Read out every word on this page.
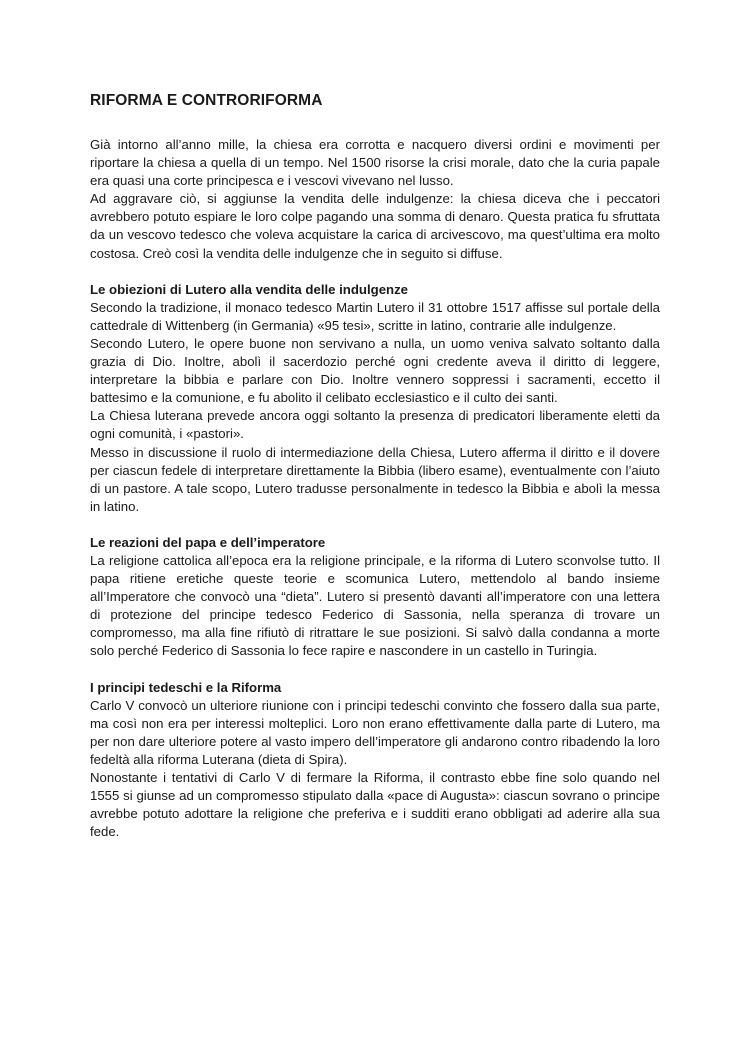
RIFORMA E CONTRORIFORMA

Già intorno all’anno mille, la chiesa era corrotta e nacquero diversi ordini e movimenti per riportare la chiesa a quella di un tempo. Nel 1500 risorse la crisi morale, dato che la curia papale era quasi una corte principesca e i vescovi vivevano nel lusso.

Ad aggravare ciò, si aggiunse la vendita delle indulgenze: la chiesa diceva che i peccatori avrebbero potuto espiare le loro colpe pagando una somma di denaro. Questa pratica fu sfruttata da un vescovo tedesco che voleva acquistare la carica di arcivescovo, ma quest’ultima era molto costosa. Creò così la vendita delle indulgenze che in seguito si diffuse.

Le obiezioni di Lutero alla vendita delle indulgenze

Secondo la tradizione, il monaco tedesco Martin Lutero il 31 ottobre 1517 affisse sul portale della cattedrale di Wittenberg (in Germania) «95 tesi», scritte in latino, contrarie alle indulgenze.

Secondo Lutero, le opere buone non servivano a nulla, un uomo veniva salvato soltanto dalla grazia di Dio. Inoltre, abolì il sacerdozio perché ogni credente aveva il diritto di leggere, interpretare la bibbia e parlare con Dio. Inoltre vennero soppressi i sacramenti, eccetto il battesimo e la comunione, e fu abolito il celibato ecclesiastico e il culto dei santi.

La Chiesa luterana prevede ancora oggi soltanto la presenza di predicatori liberamente eletti da ogni comunità, i «pastori».

Messo in discussione il ruolo di intermediazione della Chiesa, Lutero afferma il diritto e il dovere per ciascun fedele di interpretare direttamente la Bibbia (libero esame), eventualmente con l’aiuto di un pastore. A tale scopo, Lutero tradusse personalmente in tedesco la Bibbia e abolì la messa in latino.

Le reazioni del papa e dell’imperatore

La religione cattolica all’epoca era la religione principale, e la riforma di Lutero sconvolse tutto. Il papa ritiene eretiche queste teorie e scomunica Lutero, mettendolo al bando insieme all’Imperatore che convocò una “dieta”. Lutero si presentò davanti all’imperatore con una lettera di protezione del principe tedesco Federico di Sassonia, nella speranza di trovare un compromesso, ma alla fine rifiutò di ritrattare le sue posizioni. Si salvò dalla condanna a morte solo perché Federico di Sassonia lo fece rapire e nascondere in un castello in Turingia.

I principi tedeschi e la Riforma

Carlo V convocò un ulteriore riunione con i principi tedeschi convinto che fossero dalla sua parte, ma così non era per interessi molteplici. Loro non erano effettivamente dalla parte di Lutero, ma per non dare ulteriore potere al vasto impero dell’imperatore gli andarono contro ribadendo la loro fedeltà alla riforma Luterana (dieta di Spira).

Nonostante i tentativi di Carlo V di fermare la Riforma, il contrasto ebbe fine solo quando nel 1555 si giunse ad un compromesso stipulato dalla «pace di Augusta»: ciascun sovrano o principe avrebbe potuto adottare la religione che preferiva e i sudditi erano obbligati ad aderire alla sua fede.
